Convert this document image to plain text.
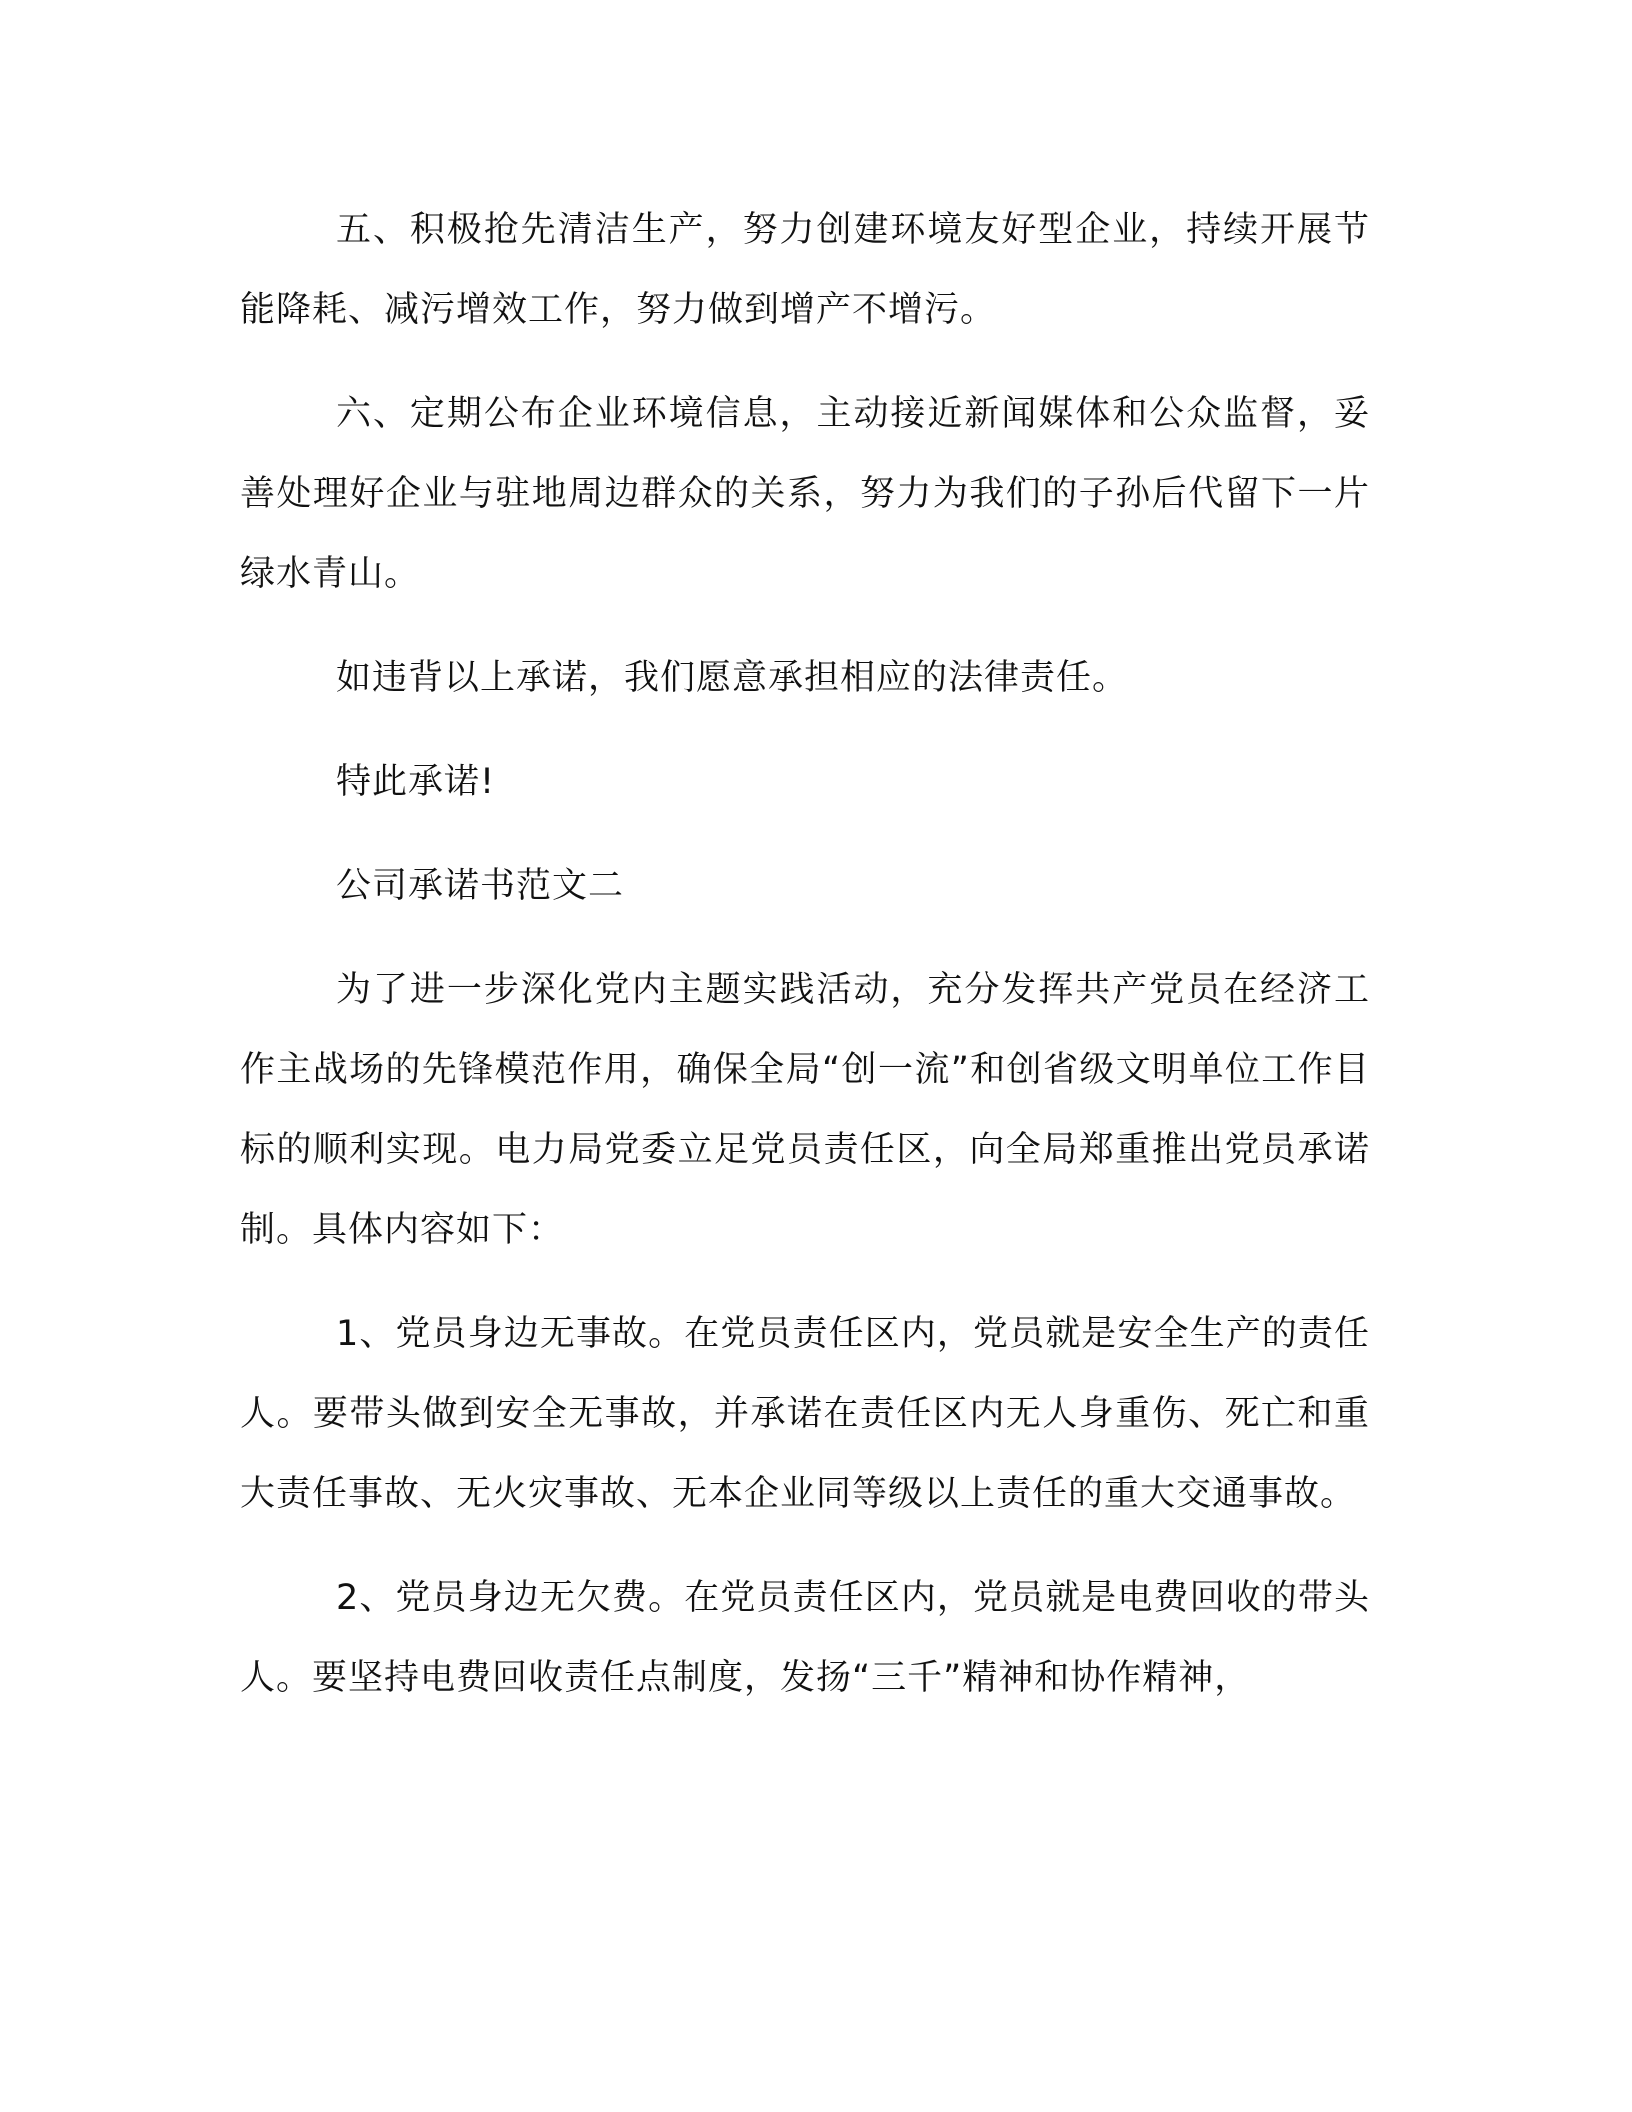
五、积极抢先清洁生产，努力创建环境友好型企业，持续开展节能降耗、减污增效工作，努力做到增产不增污。

六、定期公布企业环境信息，主动接近新闻媒体和公众监督，妥善处理好企业与驻地周边群众的关系，努力为我们的子孙后代留下一片绿水青山。

如违背以上承诺，我们愿意承担相应的法律责任。

特此承诺!

公司承诺书范文二

为了进一步深化党内主题实践活动，充分发挥共产党员在经济工作主战场的先锋模范作用，确保全局“创一流”和创省级文明单位工作目标的顺利实现。电力局党委立足党员责任区，向全局郑重推出党员承诺制。具体内容如下：

1、党员身边无事故。在党员责任区内，党员就是安全生产的责任人。要带头做到安全无事故，并承诺在责任区内无人身重伤、死亡和重大责任事故、无火灾事故、无本企业同等级以上责任的重大交通事故。

2、党员身边无欠费。在党员责任区内，党员就是电费回收的带头人。要坚持电费回收责任点制度，发扬“三千”精神和协作精神，
